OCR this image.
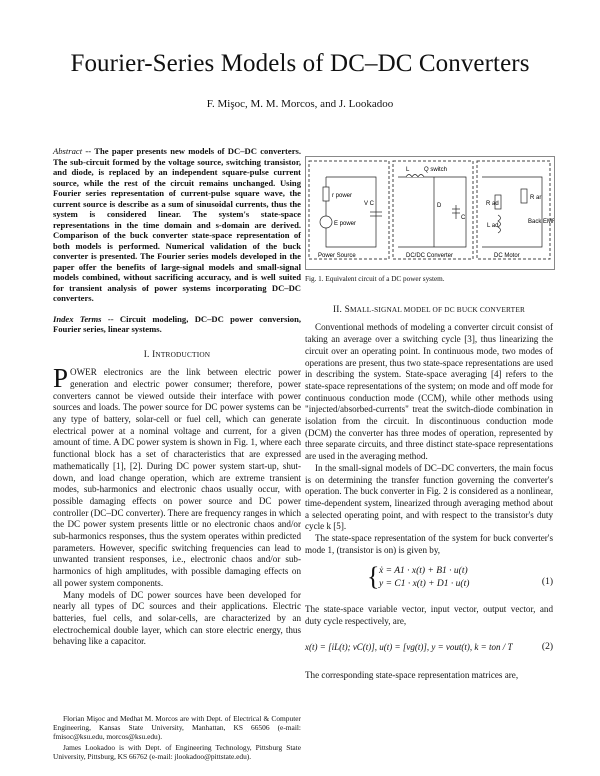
Fourier-Series Models of DC–DC Converters
F. Mişoc, M. M. Morcos, and J. Lookadoo
Abstract -- The paper presents new models of DC–DC converters. The sub-circuit formed by the voltage source, switching transistor, and diode, is replaced by an independent square-pulse current source, while the rest of the circuit remains unchanged. Using Fourier series representation of current-pulse square wave, the current source is describe as a sum of sinusoidal currents, thus the system is considered linear. The system's state-space representations in the time domain and s-domain are derived. Comparison of the buck converter state-space representation of both models is performed. Numerical validation of the buck converter is presented. The Fourier series models developed in the paper offer the benefits of large-signal models and small-signal models combined, without sacrificing accuracy, and is well suited for transient analysis of power systems incorporating DC–DC converters.
Index Terms -- Circuit modeling, DC–DC power conversion, Fourier series, linear systems.
I. INTRODUCTION

POWER electronics are the link between electric power generation and electric power consumer; therefore, power converters cannot be viewed outside their interface with power sources and loads. The power source for DC power systems can be any type of battery, solar-cell or fuel cell, which can generate electrical power at a nominal voltage and current, for a given amount of time. A DC power system is shown in Fig. 1, where each functional block has a set of characteristics that are expressed mathematically [1], [2]. During DC power system start-up, shut-down, and load change operation, which are extreme transient modes, sub-harmonics and electronic chaos usually occur, with possible damaging effects on power source and DC power controller (DC–DC converter). There are frequency ranges in which the DC power system presents little or no electronic chaos and/or sub-harmonics responses, thus the system operates within predicted parameters. However, specific switching frequencies can lead to unwanted transient responses, i.e., electronic chaos and/or sub-harmonics of high amplitudes, with possible damaging effects on all power system components.

Many models of DC power sources have been developed for nearly all types of DC sources and their applications. Electric batteries, fuel cells, and solar-cells, are characterized by an electrochemical double layer, which can store electric energy, thus behaving like a capacitor.

Florian Mişoc and Medhat M. Morcos are with Dept. of Electrical & Computer Engineering, Kansas State University, Manhattan, KS 66506 (e-mail: fmisoc@ksu.edu, morcos@ksu.edu).

James Lookadoo is with Dept. of Engineering Technology, Pittsburg State University, Pittsburg, KS 66762 (e-mail: jlookadoo@pittstate.edu).

r power
E power
V C
L Q switch
D
C
R ad
L ad
R ar
Back EMF
Power Source	DC/DC Converter	DC Motor
Fig. 1. Equivalent circuit of a DC power system.
II. SMALL-SIGNAL MODEL OF DC BUCK CONVERTER

Conventional methods of modeling a converter circuit consist of taking an average over a switching cycle [3], thus linearizing the circuit over an operating point. In continuous mode, two modes of operations are present, thus two state-space representations are used in describing the system. State-space averaging [4] refers to the state-space representations of the system; on mode and off mode for continuous conduction mode (CCM), while other methods using "injected/absorbed-currents" treat the switch-diode combination in isolation from the circuit. In discontinuous conduction mode (DCM) the converter has three modes of operation, represented by three separate circuits, and three distinct state-space representations are used in the averaging method.

In the small-signal models of DC–DC converters, the main focus is on determining the transfer function governing the converter's operation. The buck converter in Fig. 2 is considered as a nonlinear, time-dependent system, linearized through averaging method about a selected operating point, and with respect to the transistor's duty cycle k [5].

The state-space representation of the system for buck converter's mode 1, (transistor is on) is given by,

{ ẋ = A1 · x(t) + B1 · u(t)
y = C1 · x(t) + D1 · u(t)	(1)

The state-space variable vector, input vector, output vector, and duty cycle respectively, are,

x(t) = [iL(t); vC(t)], u(t) = [vg(t)], y = vout(t), k = ton / T	(2)

The corresponding state-space representation matrices are,
